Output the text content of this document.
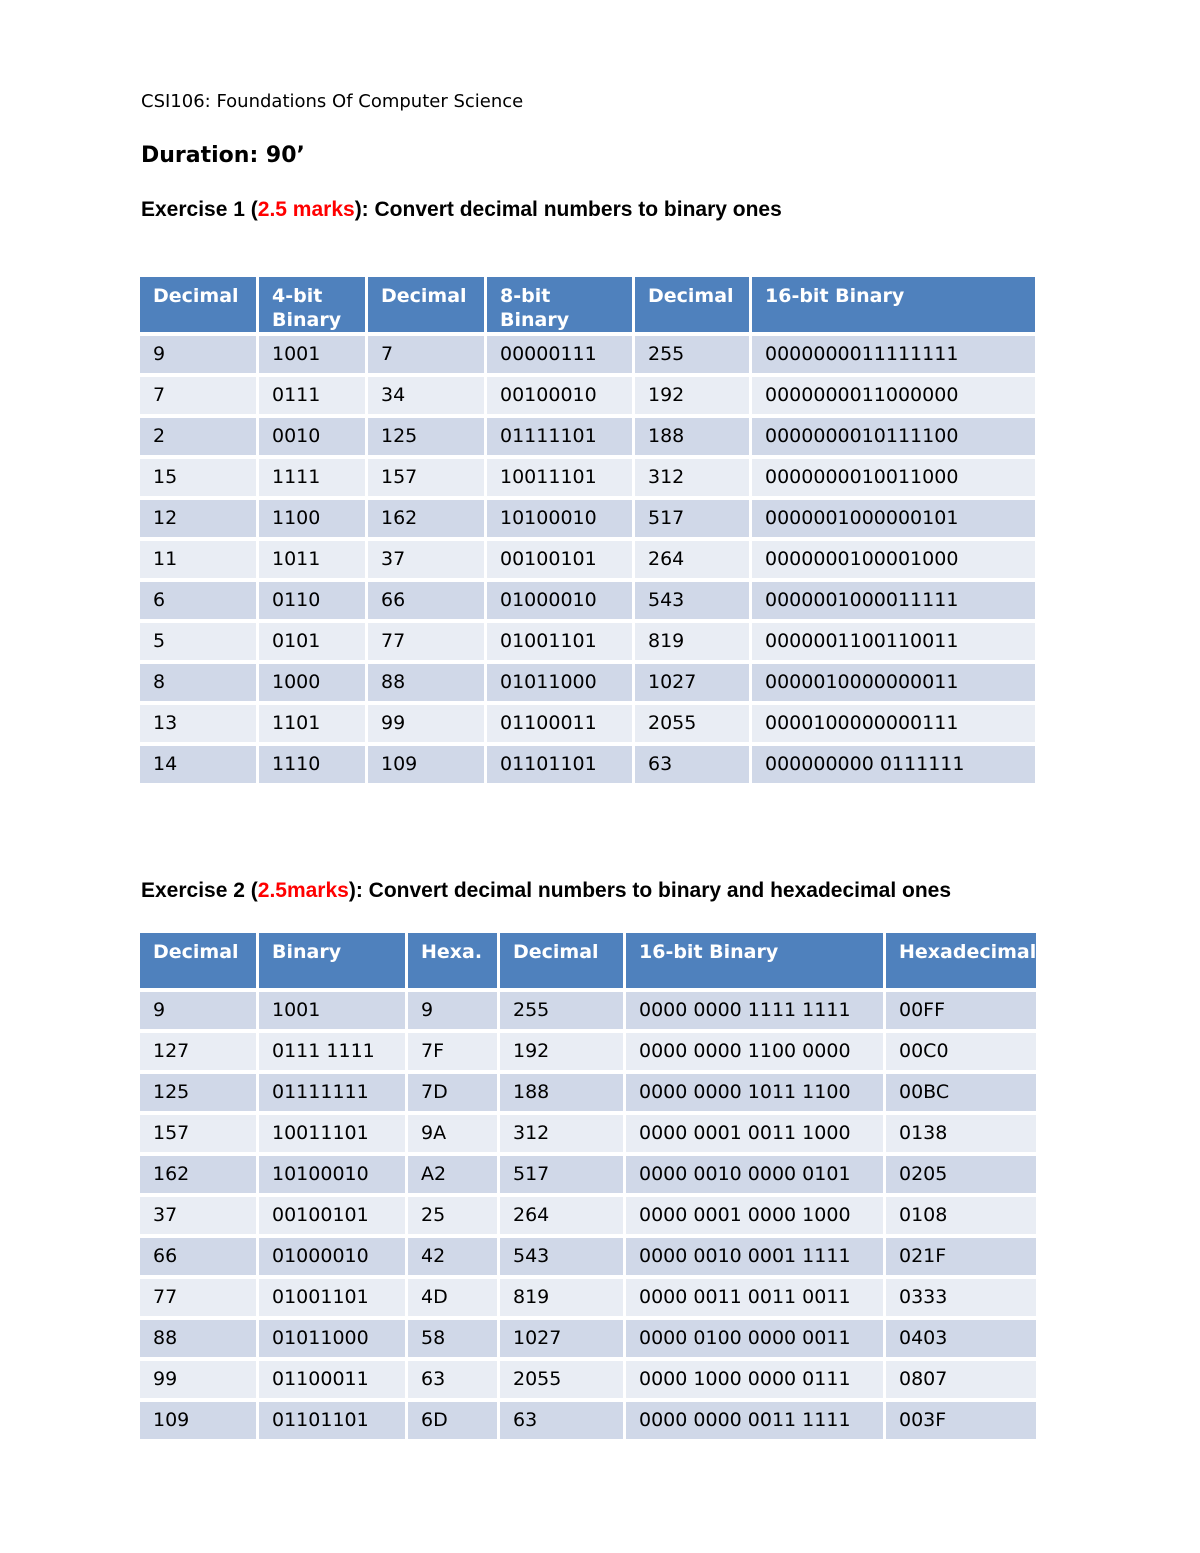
CSI106: Foundations Of Computer Science
Duration: 90’
Exercise 1 (2.5 marks): Convert decimal numbers to binary ones
Decimal	4-bit Binary	Decimal	8-bit Binary	Decimal	16-bit Binary
9	1001	7	00000111	255	0000000011111111
7	0111	34	00100010	192	0000000011000000
2	0010	125	01111101	188	0000000010111100
15	1111	157	10011101	312	0000000010011000
12	1100	162	10100010	517	0000001000000101
11	1011	37	00100101	264	0000000100001000
6	0110	66	01000010	543	0000001000011111
5	0101	77	01001101	819	0000001100110011
8	1000	88	01011000	1027	0000010000000011
13	1101	99	01100011	2055	0000100000000111
14	1110	109	01101101	63	000000000 0111111
Exercise 2 (2.5marks): Convert decimal numbers to binary and hexadecimal ones
Decimal	Binary	Hexa.	Decimal	16-bit Binary	Hexadecimal
9	1001	9	255	0000 0000 1111 1111	00FF
127	0111 1111	7F	192	0000 0000 1100 0000	00C0
125	01111111	7D	188	0000 0000 1011 1100	00BC
157	10011101	9A	312	0000 0001 0011 1000	0138
162	10100010	A2	517	0000 0010 0000 0101	0205
37	00100101	25	264	0000 0001 0000 1000	0108
66	01000010	42	543	0000 0010 0001 1111	021F
77	01001101	4D	819	0000 0011 0011 0011	0333
88	01011000	58	1027	0000 0100 0000 0011	0403
99	01100011	63	2055	0000 1000 0000 0111	0807
109	01101101	6D	63	0000 0000 0011 1111	003F
